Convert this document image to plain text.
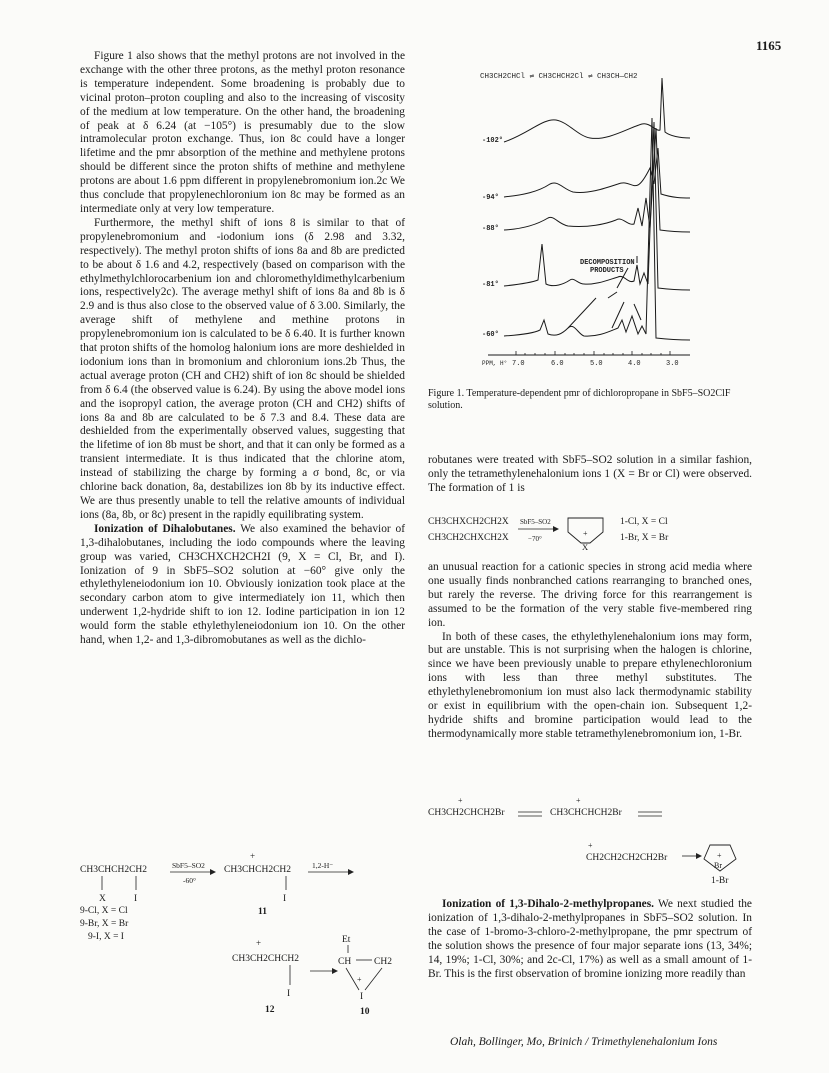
1165

Figure 1 also shows that the methyl protons are not involved in the exchange with the other three protons, as the methyl proton resonance is temperature independent. Some broadening is probably due to vicinal proton–proton coupling and also to the increasing of viscosity of the medium at low temperature. On the other hand, the broadening of peak at δ 6.24 (at −105°) is presumably due to the slow intramolecular proton exchange. Thus, ion 8c could have a longer lifetime and the pmr absorption of the methine and methylene protons should be different since the proton shifts of methine and methylene protons are about 1.6 ppm different in propylenebromonium ion.2c We thus conclude that propylenechloronium ion 8c may be formed as an intermediate only at very low temperature.

Furthermore, the methyl shift of ions 8 is similar to that of propylenebromonium and -iodonium ions (δ 2.98 and 3.32, respectively). The methyl proton shifts of ions 8a and 8b are predicted to be about δ 1.6 and 4.2, respectively (based on comparison with the ethylmethylchlorocarbenium ion and chloromethyldimethylcarbenium ions, respectively2c). The average methyl shift of ions 8a and 8b is δ 2.9 and is thus also close to the observed value of δ 3.00. Similarly, the average shift of methylene and methine protons in propylenebromonium ion is calculated to be δ 6.40. It is further known that proton shifts of the homolog halonium ions are more deshielded in iodonium ions than in bromonium and chloronium ions.2b Thus, the actual average proton (CH and CH2) shift of ion 8c should be shielded from δ 6.4 (the observed value is 6.24). By using the above model ions and the isopropyl cation, the average proton (CH and CH2) shifts of ions 8a and 8b are calculated to be δ 7.3 and 8.4. These data are deshielded from the experimentally observed values, suggesting that the lifetime of ion 8b must be short, and that it can only be formed as a transient intermediate. It is thus indicated that the chlorine atom, instead of stabilizing the charge by forming a σ bond, 8c, or via chlorine back donation, 8a, destabilizes ion 8b by its inductive effect. We are thus presently unable to tell the relative amounts of individual ions (8a, 8b, or 8c) present in the rapidly equilibrating system.

Ionization of Dihalobutanes. We also examined the behavior of 1,3-dihalobutanes, including the iodo compounds where the leaving group was varied, CH3CHXCH2CH2I (9, X = Cl, Br, and I). Ionization of 9 in SbF5–SO2 solution at −60° give only the ethylethyleneiodonium ion 10. Obviously ionization took place at the secondary carbon atom to give intermediately ion 11, which then underwent 1,2-hydride shift to ion 12. Iodine participation in ion 12 would form the stable ethylethyleneiodonium ion 10. On the other hand, when 1,2- and 1,3-dibromobutanes as well as the dichlo-

CH3CHCH2CH2
X	I
SbF5–SO2
-60°
+
CH3CHCH2CH2
I
1,2-H⁻
9-Cl, X = Cl
9-Br, X = Br
9-I, X = I
11
+
CH3CH2CHCH2
I
12
Et
CH CH2
+
I
10
CH3CH2CHCl ⇌ CH3CHCH2Cl ⇌ CH3CH—CH2
-102°
-94°
-88°
-81°
-60°
DECOMPOSITION
PRODUCTS
PPM, H° 7.0	6.0	5.0	4.0	3.0
Figure 1. Temperature-dependent pmr of dichloropropane in SbF5–SO2ClF solution.

robutanes were treated with SbF5–SO2 solution in a similar fashion, only the tetramethylenehalonium ions 1 (X = Br or Cl) were observed. The formation of 1 is

CH3CHXCH2CH2X
CH3CH2CHXCH2X
SbF5–SO2
−70°
+
X
1-Cl, X = Cl
1-Br, X = Br

an unusual reaction for a cationic species in strong acid media where one usually finds nonbranched cations rearranging to branched ones, but rarely the reverse. The driving force for this rearrangement is assumed to be the formation of the very stable five-membered ring ion.

In both of these cases, the ethylethylenehalonium ions may form, but are unstable. This is not surprising when the halogen is chlorine, since we have been previously unable to prepare ethylenechloronium ions with less than three methyl substitutes. The ethylethylenebromonium ion must also lack thermodynamic stability or exist in equilibrium with the open-chain ion. Subsequent 1,2-hydride shifts and bromine participation would lead to the thermodynamically more stable tetramethylenebromonium ion, 1-Br.

+
CH3CH2CHCH2Br
+
CH3CHCHCH2Br
+
CH2CH2CH2CH2Br	+
Br
1-Br

Ionization of 1,3-Dihalo-2-methylpropanes. We next studied the ionization of 1,3-dihalo-2-methylpropanes in SbF5–SO2 solution. In the case of 1-bromo-3-chloro-2-methylpropane, the pmr spectrum of the solution shows the presence of four major separate ions (13, 34%; 14, 19%; 1-Cl, 30%; and 2c-Cl, 17%) as well as a small amount of 1-Br. This is the first observation of bromine ionizing more readily than

Olah, Bollinger, Mo, Brinich / Trimethylenehalonium Ions
